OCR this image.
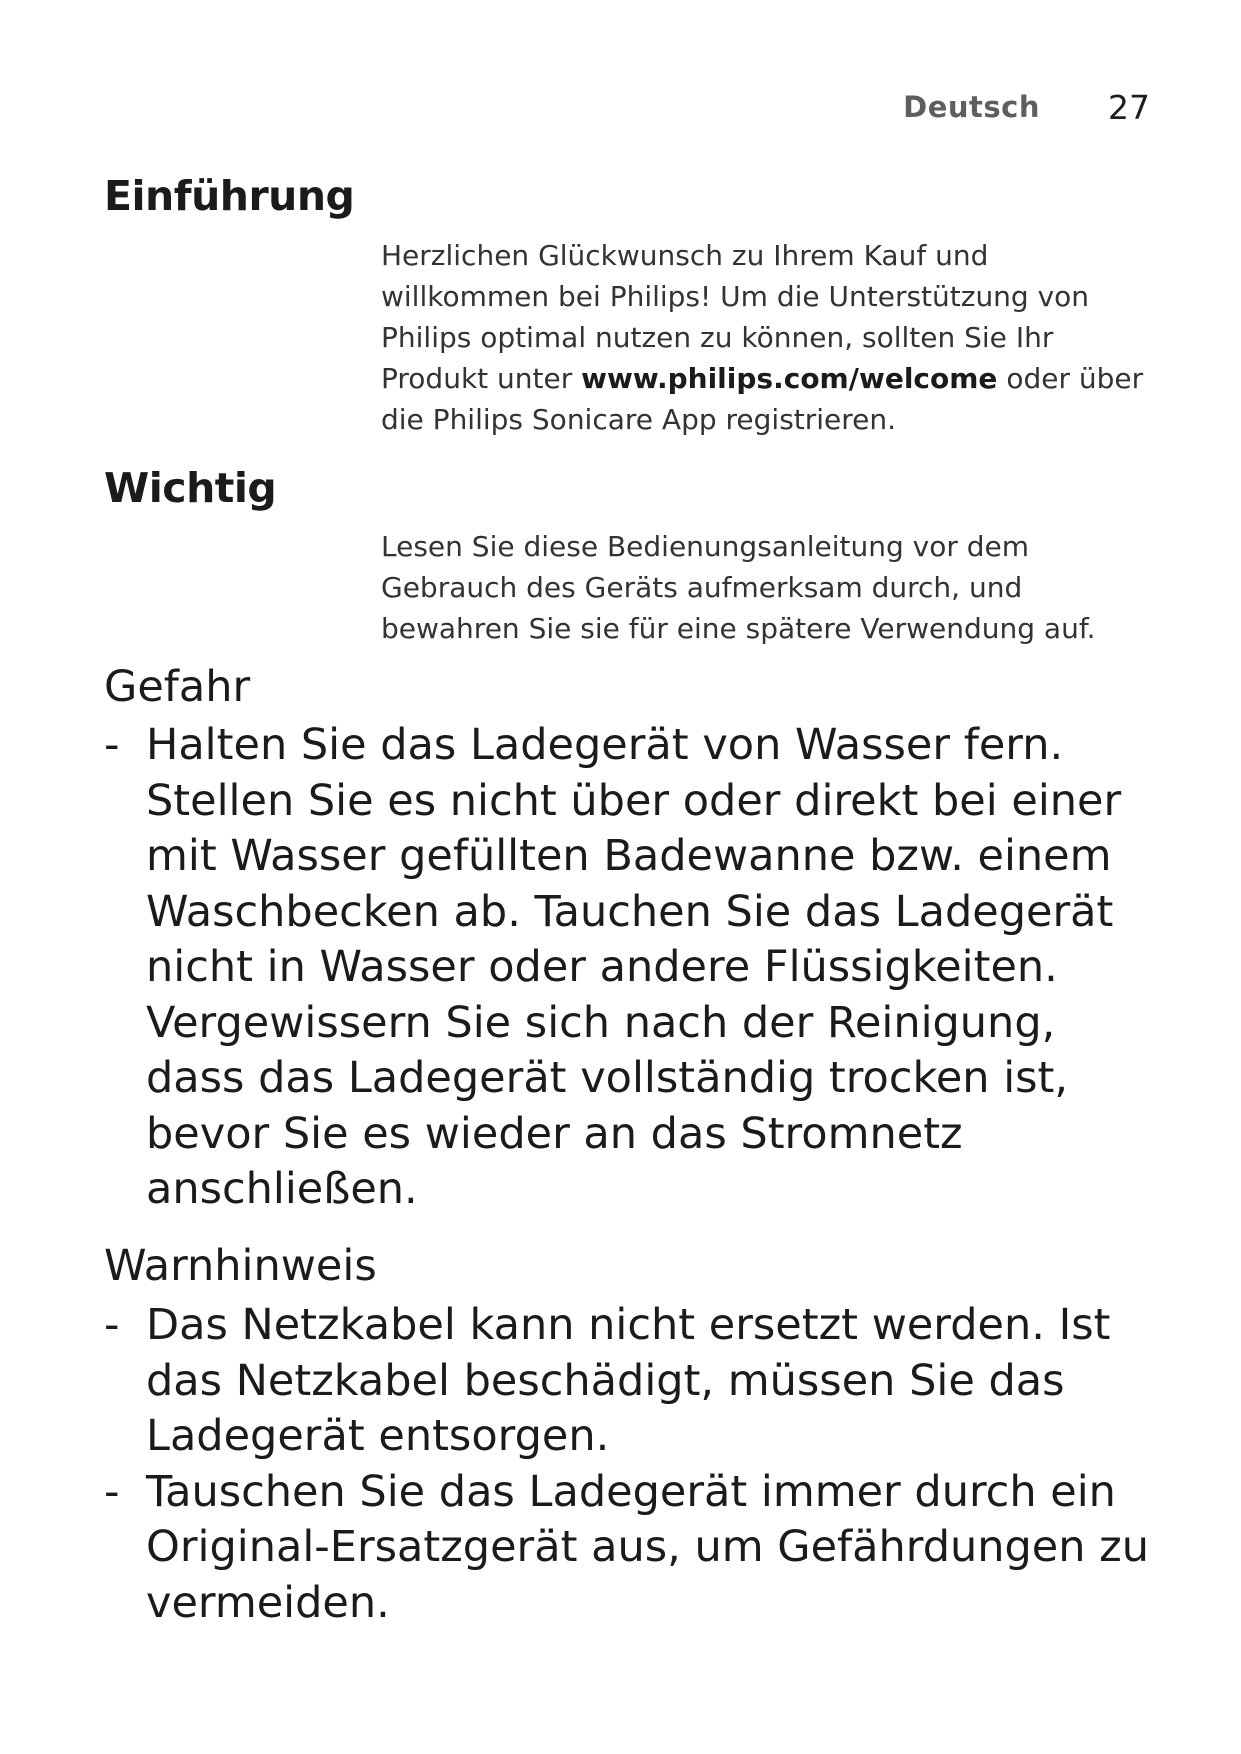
Deutsch	27
Einführung

Herzlichen Glückwunsch zu Ihrem Kauf und willkommen bei Philips! Um die Unterstützung von Philips optimal nutzen zu können, sollten Sie Ihr Produkt unter www.philips.com/welcome oder über die Philips Sonicare App registrieren.

Wichtig

Lesen Sie diese Bedienungsanleitung vor dem Gebrauch des Geräts aufmerksam durch, und bewahren Sie sie für eine spätere Verwendung auf.

Gefahr
- Halten Sie das Ladegerät von Wasser fern. Stellen Sie es nicht über oder direkt bei einer mit Wasser gefüllten Badewanne bzw. einem Waschbecken ab. Tauchen Sie das Ladegerät nicht in Wasser oder andere Flüssigkeiten. Vergewissern Sie sich nach der Reinigung, dass das Ladegerät vollständig trocken ist, bevor Sie es wieder an das Stromnetz anschließen.
Warnhinweis
- Das Netzkabel kann nicht ersetzt werden. Ist das Netzkabel beschädigt, müssen Sie das Ladegerät entsorgen.
- Tauschen Sie das Ladegerät immer durch ein Original-Ersatzgerät aus, um Gefährdungen zu vermeiden.
